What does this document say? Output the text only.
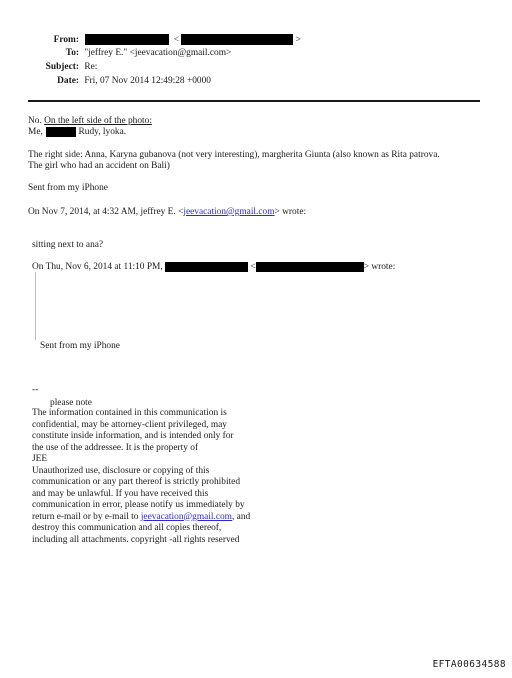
From:	<	>
To: "jeffrey E." <jeevacation@gmail.com>
Subject: Re:
Date: Fri, 07 Nov 2014 12:49:28 +0000
No. On the left side of the photo:
Me,	Rudy, lyoka.
The right side: Anna, Karyna gubanova (not very interesting), margherita Giunta (also known as Rita patrova.
The girl who had an accident on Bali)
Sent from my iPhone
On Nov 7, 2014, at 4:32 AM, jeffrey E. <jeevacation@gmail.com> wrote:
sitting next to ana?
On Thu, Nov 6, 2014 at 11:10 PM,	<	> wrote:
Sent from my iPhone
--
please note
The information contained in this communication is
confidential, may be attorney-client privileged, may
constitute inside information, and is intended only for
the use of the addressee. It is the property of
JEE
Unauthorized use, disclosure or copying of this
communication or any part thereof is strictly prohibited
and may be unlawful. If you have received this
communication in error, please notify us immediately by
return e-mail or by e-mail to jeevacation@gmail.com, and
destroy this communication and all copies thereof,
including all attachments. copyright -all rights reserved
EFTA00634588
